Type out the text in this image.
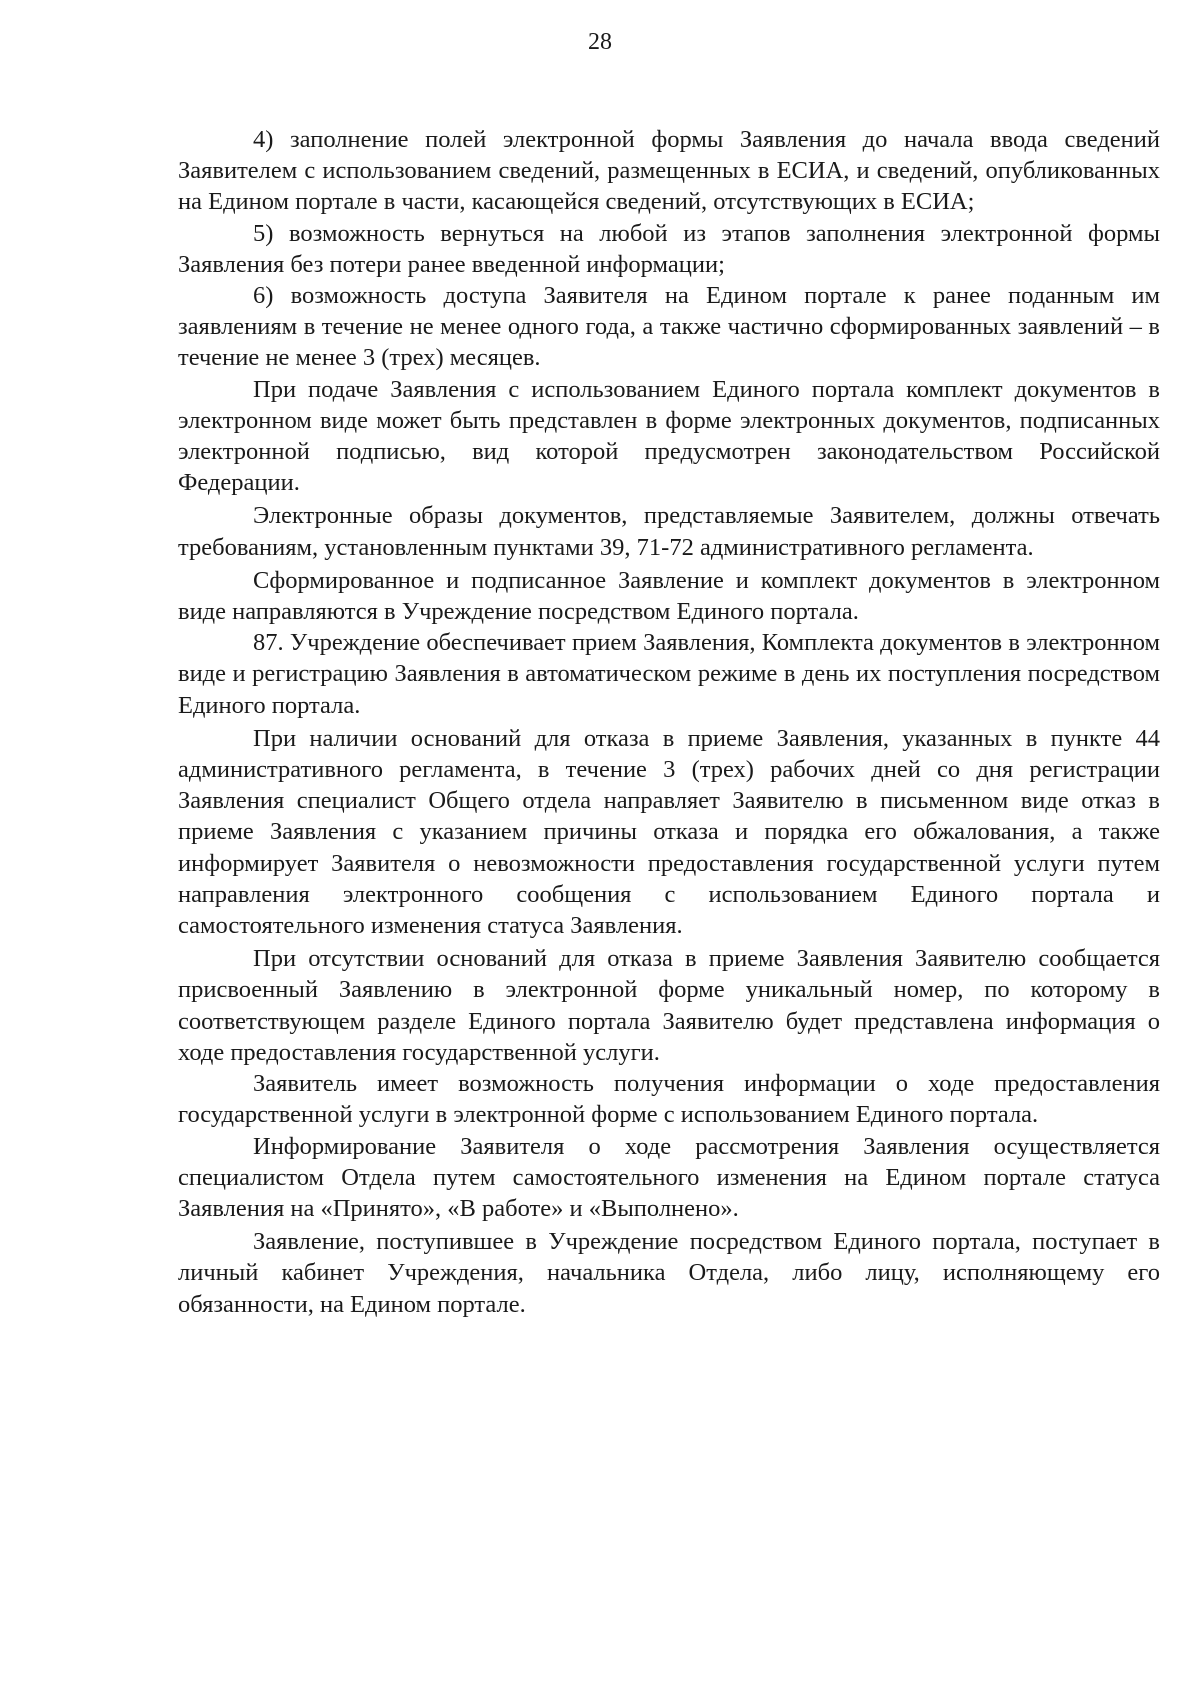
28

4) заполнение полей электронной формы Заявления до начала ввода сведений Заявителем с использованием сведений, размещенных в ЕСИА, и сведений, опубликованных на Едином портале в части, касающейся сведений, отсутствующих в ЕСИА;

5) возможность вернуться на любой из этапов заполнения электронной формы Заявления без потери ранее введенной информации;

6) возможность доступа Заявителя на Едином портале к ранее поданным им заявлениям в течение не менее одного года, а также частично сформированных заявлений – в течение не менее 3 (трех) месяцев.

При подаче Заявления с использованием Единого портала комплект документов в электронном виде может быть представлен в форме электронных документов, подписанных электронной подписью, вид которой предусмотрен законодательством Российской Федерации.

Электронные образы документов, представляемые Заявителем, должны отвечать требованиям, установленным пунктами 39, 71-72 административного регламента.

Сформированное и подписанное Заявление и комплект документов в электронном виде направляются в Учреждение посредством Единого портала.

87. Учреждение обеспечивает прием Заявления, Комплекта документов в электронном виде и регистрацию Заявления в автоматическом режиме в день их поступления посредством Единого портала.

При наличии оснований для отказа в приеме Заявления, указанных в пункте 44 административного регламента, в течение 3 (трех) рабочих дней со дня регистрации Заявления специалист Общего отдела направляет Заявителю в письменном виде отказ в приеме Заявления с указанием причины отказа и порядка его обжалования, а также информирует Заявителя о невозможности предоставления государственной услуги путем направления электронного сообщения с использованием Единого портала и самостоятельного изменения статуса Заявления.

При отсутствии оснований для отказа в приеме Заявления Заявителю сообщается присвоенный Заявлению в электронной форме уникальный номер, по которому в соответствующем разделе Единого портала Заявителю будет представлена информация о ходе предоставления государственной услуги.

Заявитель имеет возможность получения информации о ходе предоставления государственной услуги в электронной форме с использованием Единого портала.

Информирование Заявителя о ходе рассмотрения Заявления осуществляется специалистом Отдела путем самостоятельного изменения на Едином портале статуса Заявления на «Принято», «В работе» и «Выполнено».

Заявление, поступившее в Учреждение посредством Единого портала, поступает в личный кабинет Учреждения, начальника Отдела, либо лицу, исполняющему его обязанности, на Едином портале.
